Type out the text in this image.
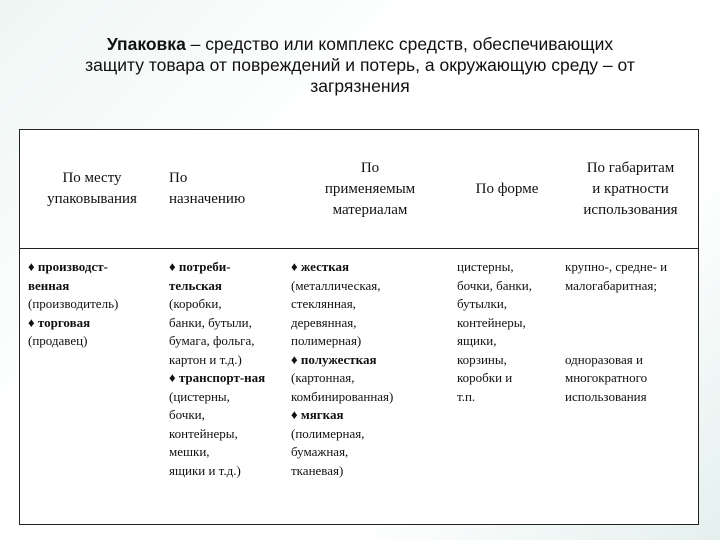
Упаковка – средство или комплекс средств, обеспечивающих
защиту товара от повреждений и потерь, а окружающую среду – от
загрязнения
По месту
упаковывания
По
назначению
По
применяемым
материалам
По форме
По габаритам
и кратности
использования
♦ производст-
венная
(производитель)
♦ торговая
(продавец)
♦ потреби-
тельская
(коробки,
банки, бутыли,
бумага, фольга,
картон и т.д.)
♦ транспорт-ная
(цистерны,
бочки,
контейнеры,
мешки,
ящики и т.д.)
♦ жесткая
(металлическая,
стеклянная,
деревянная,
полимерная)
♦ полужесткая
(картонная,
комбинированная)
♦ мягкая
(полимерная,
бумажная,
тканевая)
цистерны,
бочки, банки,
бутылки,
контейнеры,
ящики,
корзины,
коробки и
т.п.
крупно-, средне- и
малогабаритная;

одноразовая и
многократного
использования
